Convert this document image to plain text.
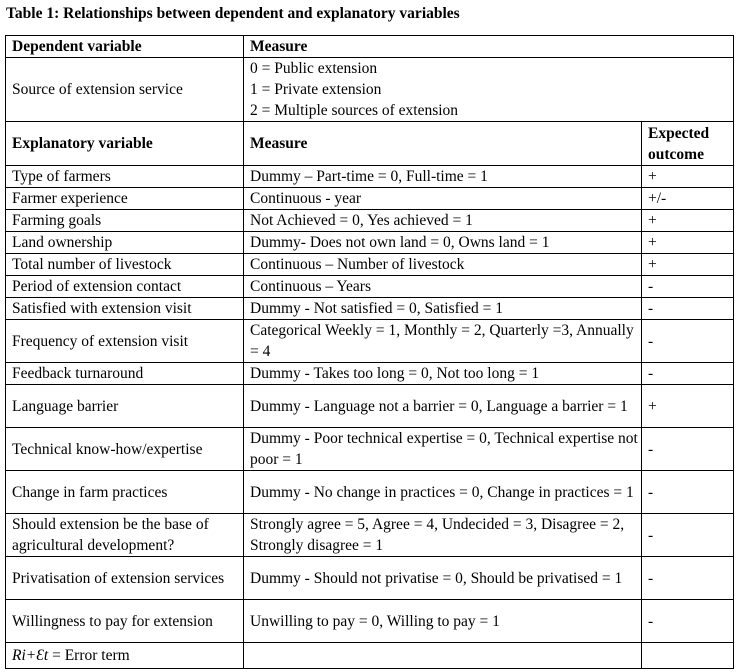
Table 1: Relationships between dependent and explanatory variables
Dependent variable	Measure	
Source of extension service	0 = Public extension
1 = Private extension
2 = Multiple sources of extension	

Explanatory variable	Measure	Expected
outcome

Type of farmers	Dummy – Part-time = 0, Full-time = 1	+
Farmer experience	Continuous - year	+/-
Farming goals	Not Achieved = 0, Yes achieved = 1	+
Land ownership	Dummy- Does not own land = 0, Owns land = 1	+
Total number of livestock	Continuous – Number of livestock	+
Period of extension contact	Continuous – Years	-
Satisfied with extension visit	Dummy - Not satisfied = 0, Satisfied = 1	-
Frequency of extension visit	Categorical Weekly = 1, Monthly = 2, Quarterly =3, Annually = 4	-
Feedback turnaround	Dummy - Takes too long = 0, Not too long = 1	-
Language barrier	Dummy - Language not a barrier = 0, Language a barrier = 1	+
Technical know-how/expertise	Dummy - Poor technical expertise = 0, Technical expertise not poor = 1	-
Change in farm practices	Dummy - No change in practices = 0, Change in practices = 1	-
Should extension be the base of agricultural development?	Strongly agree = 5, Agree = 4, Undecided = 3, Disagree = 2, Strongly disagree = 1	-
Privatisation of extension services	Dummy - Should not privatise = 0, Should be privatised = 1	-
Willingness to pay for extension	Unwilling to pay = 0, Willing to pay = 1	-
Ri+Ɛt = Error term		
